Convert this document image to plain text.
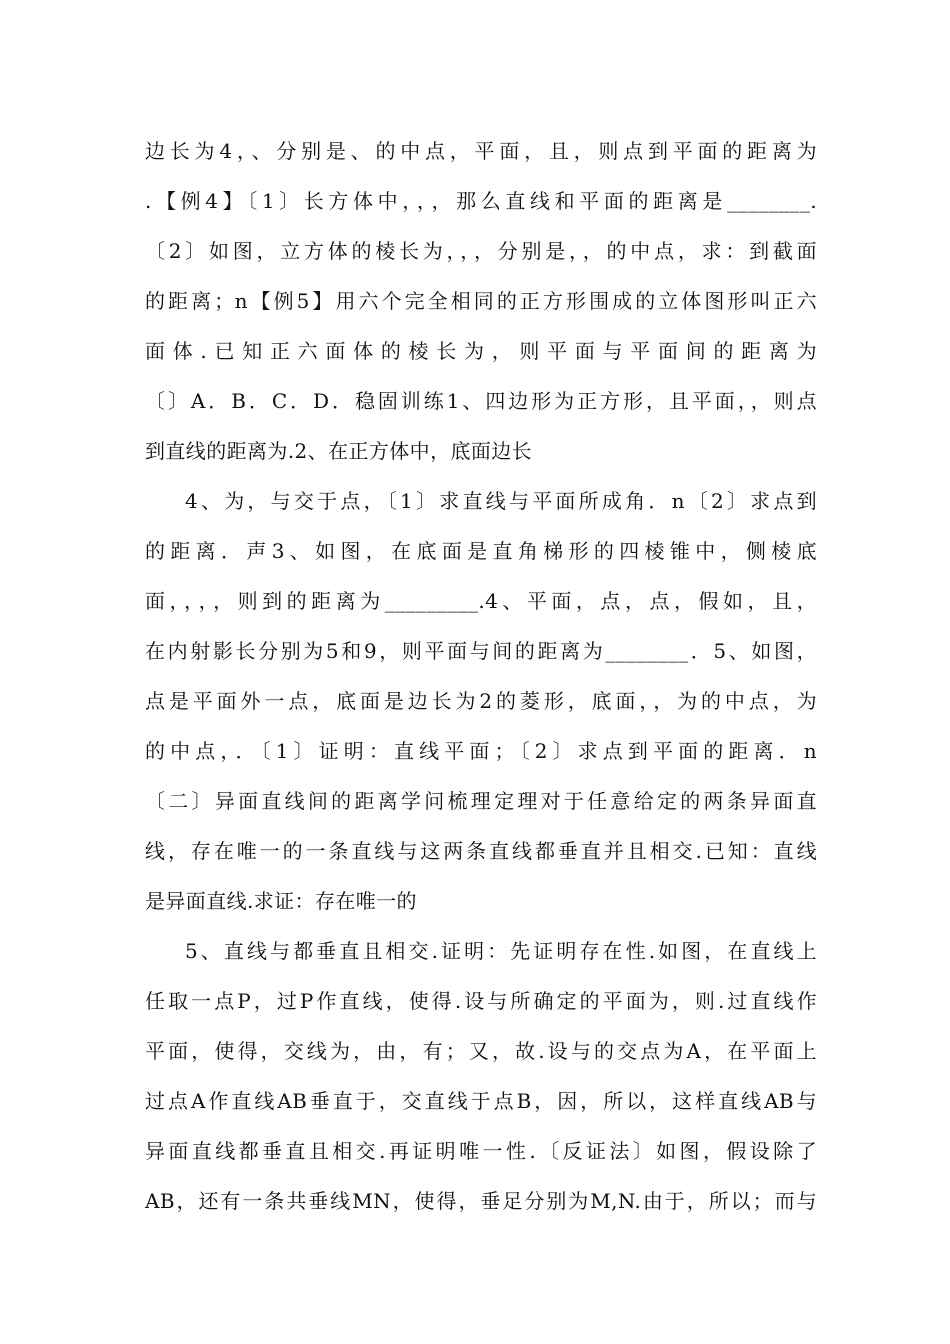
边长为4，、分别是、的中点，平面，且，则点到平面的距离为
.【例4】〔1〕长方体中，，，那么直线和平面的距离是________.
〔2〕如图，立方体的棱长为，，，分别是，，的中点，求：到截面
的距离；n【例5】用六个完全相同的正方形围成的立体图形叫正六
面体.已知正六面体的棱长为，则平面与平面间的距离为
〔〕A．B．C．D．稳固训练1、四边形为正方形，且平面，，则点
到直线的距离为.2、在正方体中，底面边长
4、为，与交于点，〔1〕求直线与平面所成角．n〔2〕求点到
的距离．声3、如图，在底面是直角梯形的四棱锥中，侧棱底
面，，，，则到的距离为_________.4、平面，点，点，假如，且，
在内射影长分别为5和9，则平面与间的距离为________．5、如图，
点是平面外一点，底面是边长为2的菱形，底面，，为的中点，为
的中点，．〔1〕证明：直线平面；〔2〕求点到平面的距离．n
〔二〕异面直线间的距离学问梳理定理对于任意给定的两条异面直
线，存在唯一的一条直线与这两条直线都垂直并且相交.已知：直线
是异面直线.求证：存在唯一的
5、直线与都垂直且相交.证明：先证明存在性.如图，在直线上
任取一点P，过P作直线，使得.设与所确定的平面为，则.过直线作
平面，使得，交线为，由，有；又，故.设与的交点为A，在平面上
过点A作直线AB垂直于，交直线于点B，因，所以，这样直线AB与
异面直线都垂直且相交.再证明唯一性.〔反证法〕如图，假设除了
AB，还有一条共垂线MN，使得，垂足分别为M,N.由于，所以；而与
